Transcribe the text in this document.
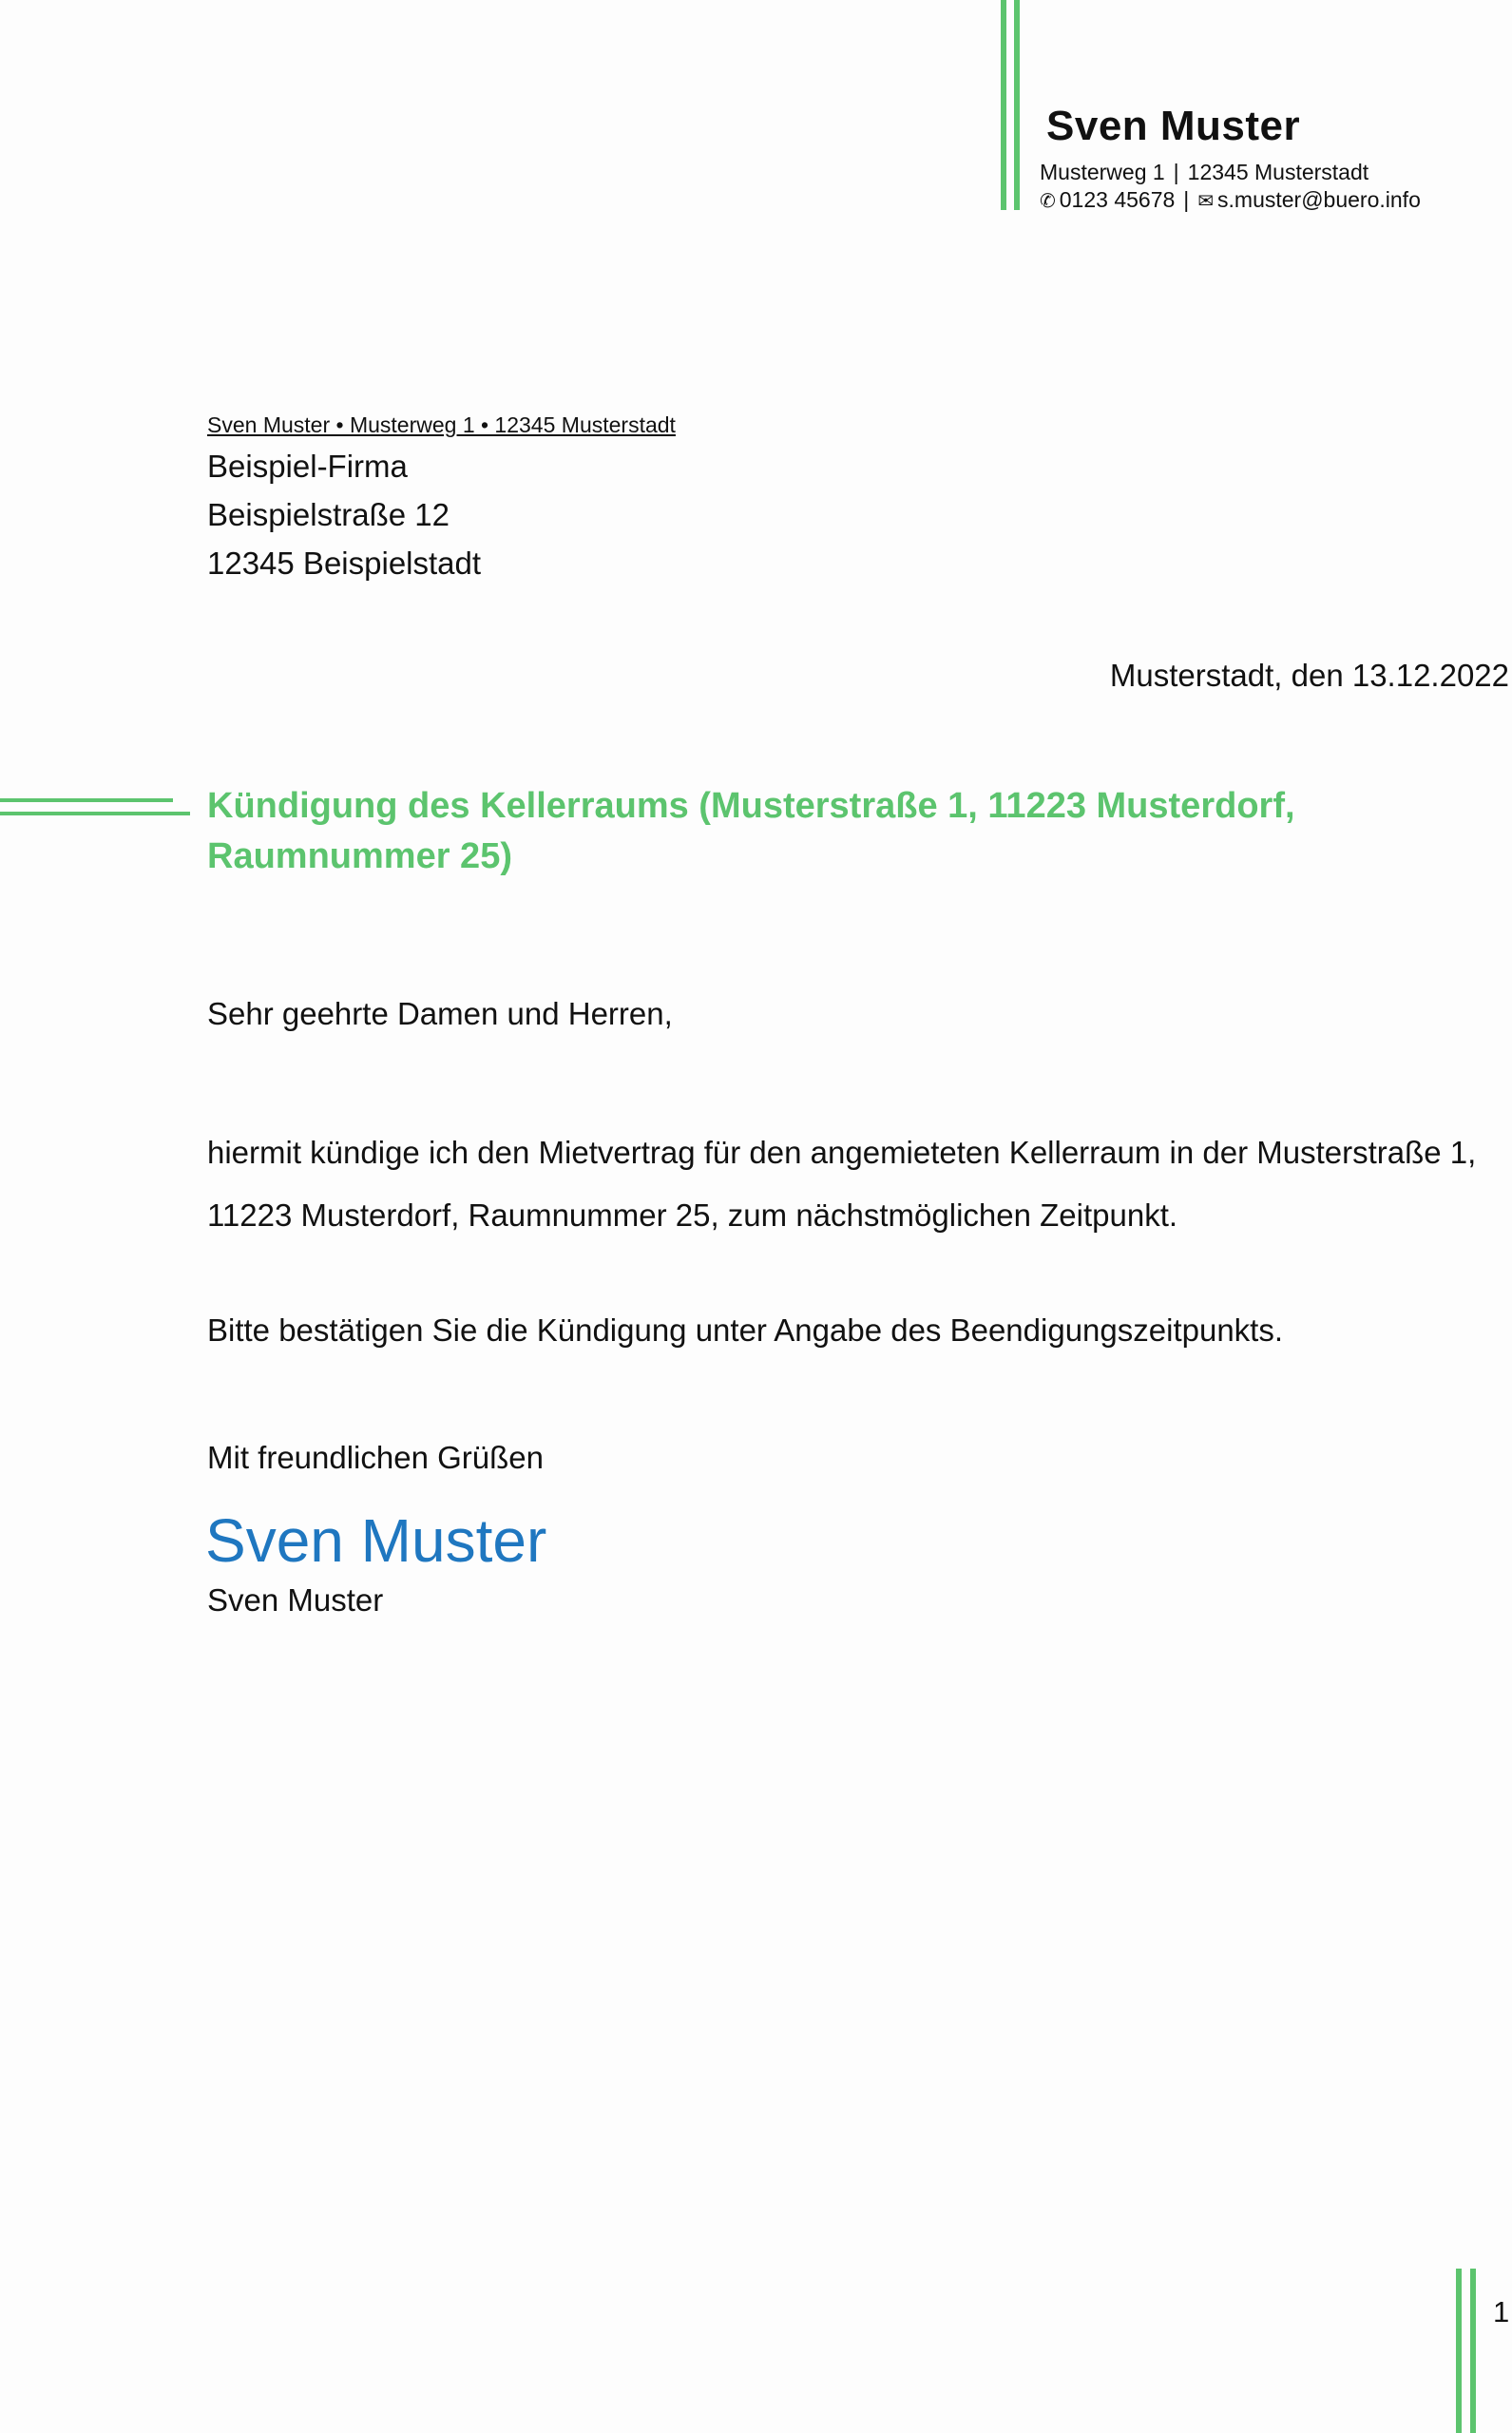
Sven Muster
Musterweg 1 | 12345 Musterstadt
✆ 0123 45678 | ✉ s.muster@buero.info
Sven Muster • Musterweg 1 • 12345 Musterstadt
Beispiel-Firma
Beispielstraße 12
12345 Beispielstadt
Musterstadt, den 13.12.2022
Kündigung des Kellerraums (Musterstraße 1, 11223 Musterdorf, Raumnummer 25)
Sehr geehrte Damen und Herren,
hiermit kündige ich den Mietvertrag für den angemieteten Kellerraum in der Musterstraße 1, 11223 Musterdorf, Raumnummer 25, zum nächstmöglichen Zeitpunkt.
Bitte bestätigen Sie die Kündigung unter Angabe des Beendigungszeitpunkts.
Mit freundlichen Grüßen
Sven Muster
Sven Muster
1
